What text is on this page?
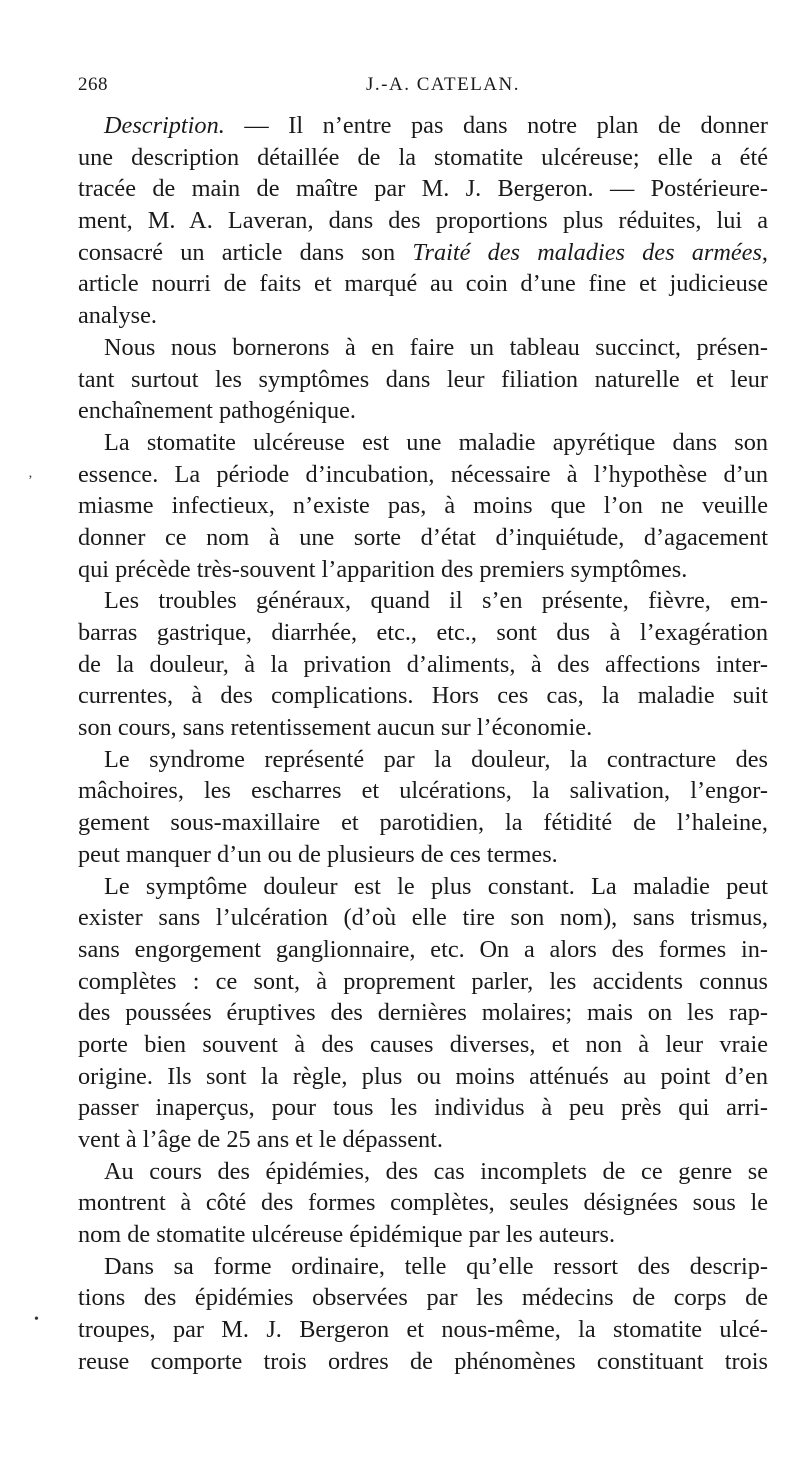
268	J.-A. CATELAN.
Description. — Il n’entre pas dans notre plan de donner
une description détaillée de la stomatite ulcéreuse; elle a été
tracée de main de maître par M. J. Bergeron. — Postérieure-
ment, M. A. Laveran, dans des proportions plus réduites, lui a
consacré un article dans son Traité des maladies des armées,
article nourri de faits et marqué au coin d’une fine et judicieuse
analyse.
Nous nous bornerons à en faire un tableau succinct, présen-
tant surtout les symptômes dans leur filiation naturelle et leur
enchaînement pathogénique.
La stomatite ulcéreuse est une maladie apyrétique dans son
essence. La période d’incubation, nécessaire à l’hypothèse d’un
miasme infectieux, n’existe pas, à moins que l’on ne veuille
donner ce nom à une sorte d’état d’inquiétude, d’agacement
qui précède très-souvent l’apparition des premiers symptômes.
Les troubles généraux, quand il s’en présente, fièvre, em-
barras gastrique, diarrhée, etc., etc., sont dus à l’exagération
de la douleur, à la privation d’aliments, à des affections inter-
currentes, à des complications. Hors ces cas, la maladie suit
son cours, sans retentissement aucun sur l’économie.
Le syndrome représenté par la douleur, la contracture des
mâchoires, les escharres et ulcérations, la salivation, l’engor-
gement sous-maxillaire et parotidien, la fétidité de l’haleine,
peut manquer d’un ou de plusieurs de ces termes.
Le symptôme douleur est le plus constant. La maladie peut
exister sans l’ulcération (d’où elle tire son nom), sans trismus,
sans engorgement ganglionnaire, etc. On a alors des formes in-
complètes : ce sont, à proprement parler, les accidents connus
des poussées éruptives des dernières molaires; mais on les rap-
porte bien souvent à des causes diverses, et non à leur vraie
origine. Ils sont la règle, plus ou moins atténués au point d’en
passer inaperçus, pour tous les individus à peu près qui arri-
vent à l’âge de 25 ans et le dépassent.
Au cours des épidémies, des cas incomplets de ce genre se
montrent à côté des formes complètes, seules désignées sous le
nom de stomatite ulcéreuse épidémique par les auteurs.
Dans sa forme ordinaire, telle qu’elle ressort des descrip-
tions des épidémies observées par les médecins de corps de
troupes, par M. J. Bergeron et nous-même, la stomatite ulcé-
reuse comporte trois ordres de phénomènes constituant trois
‚
•
